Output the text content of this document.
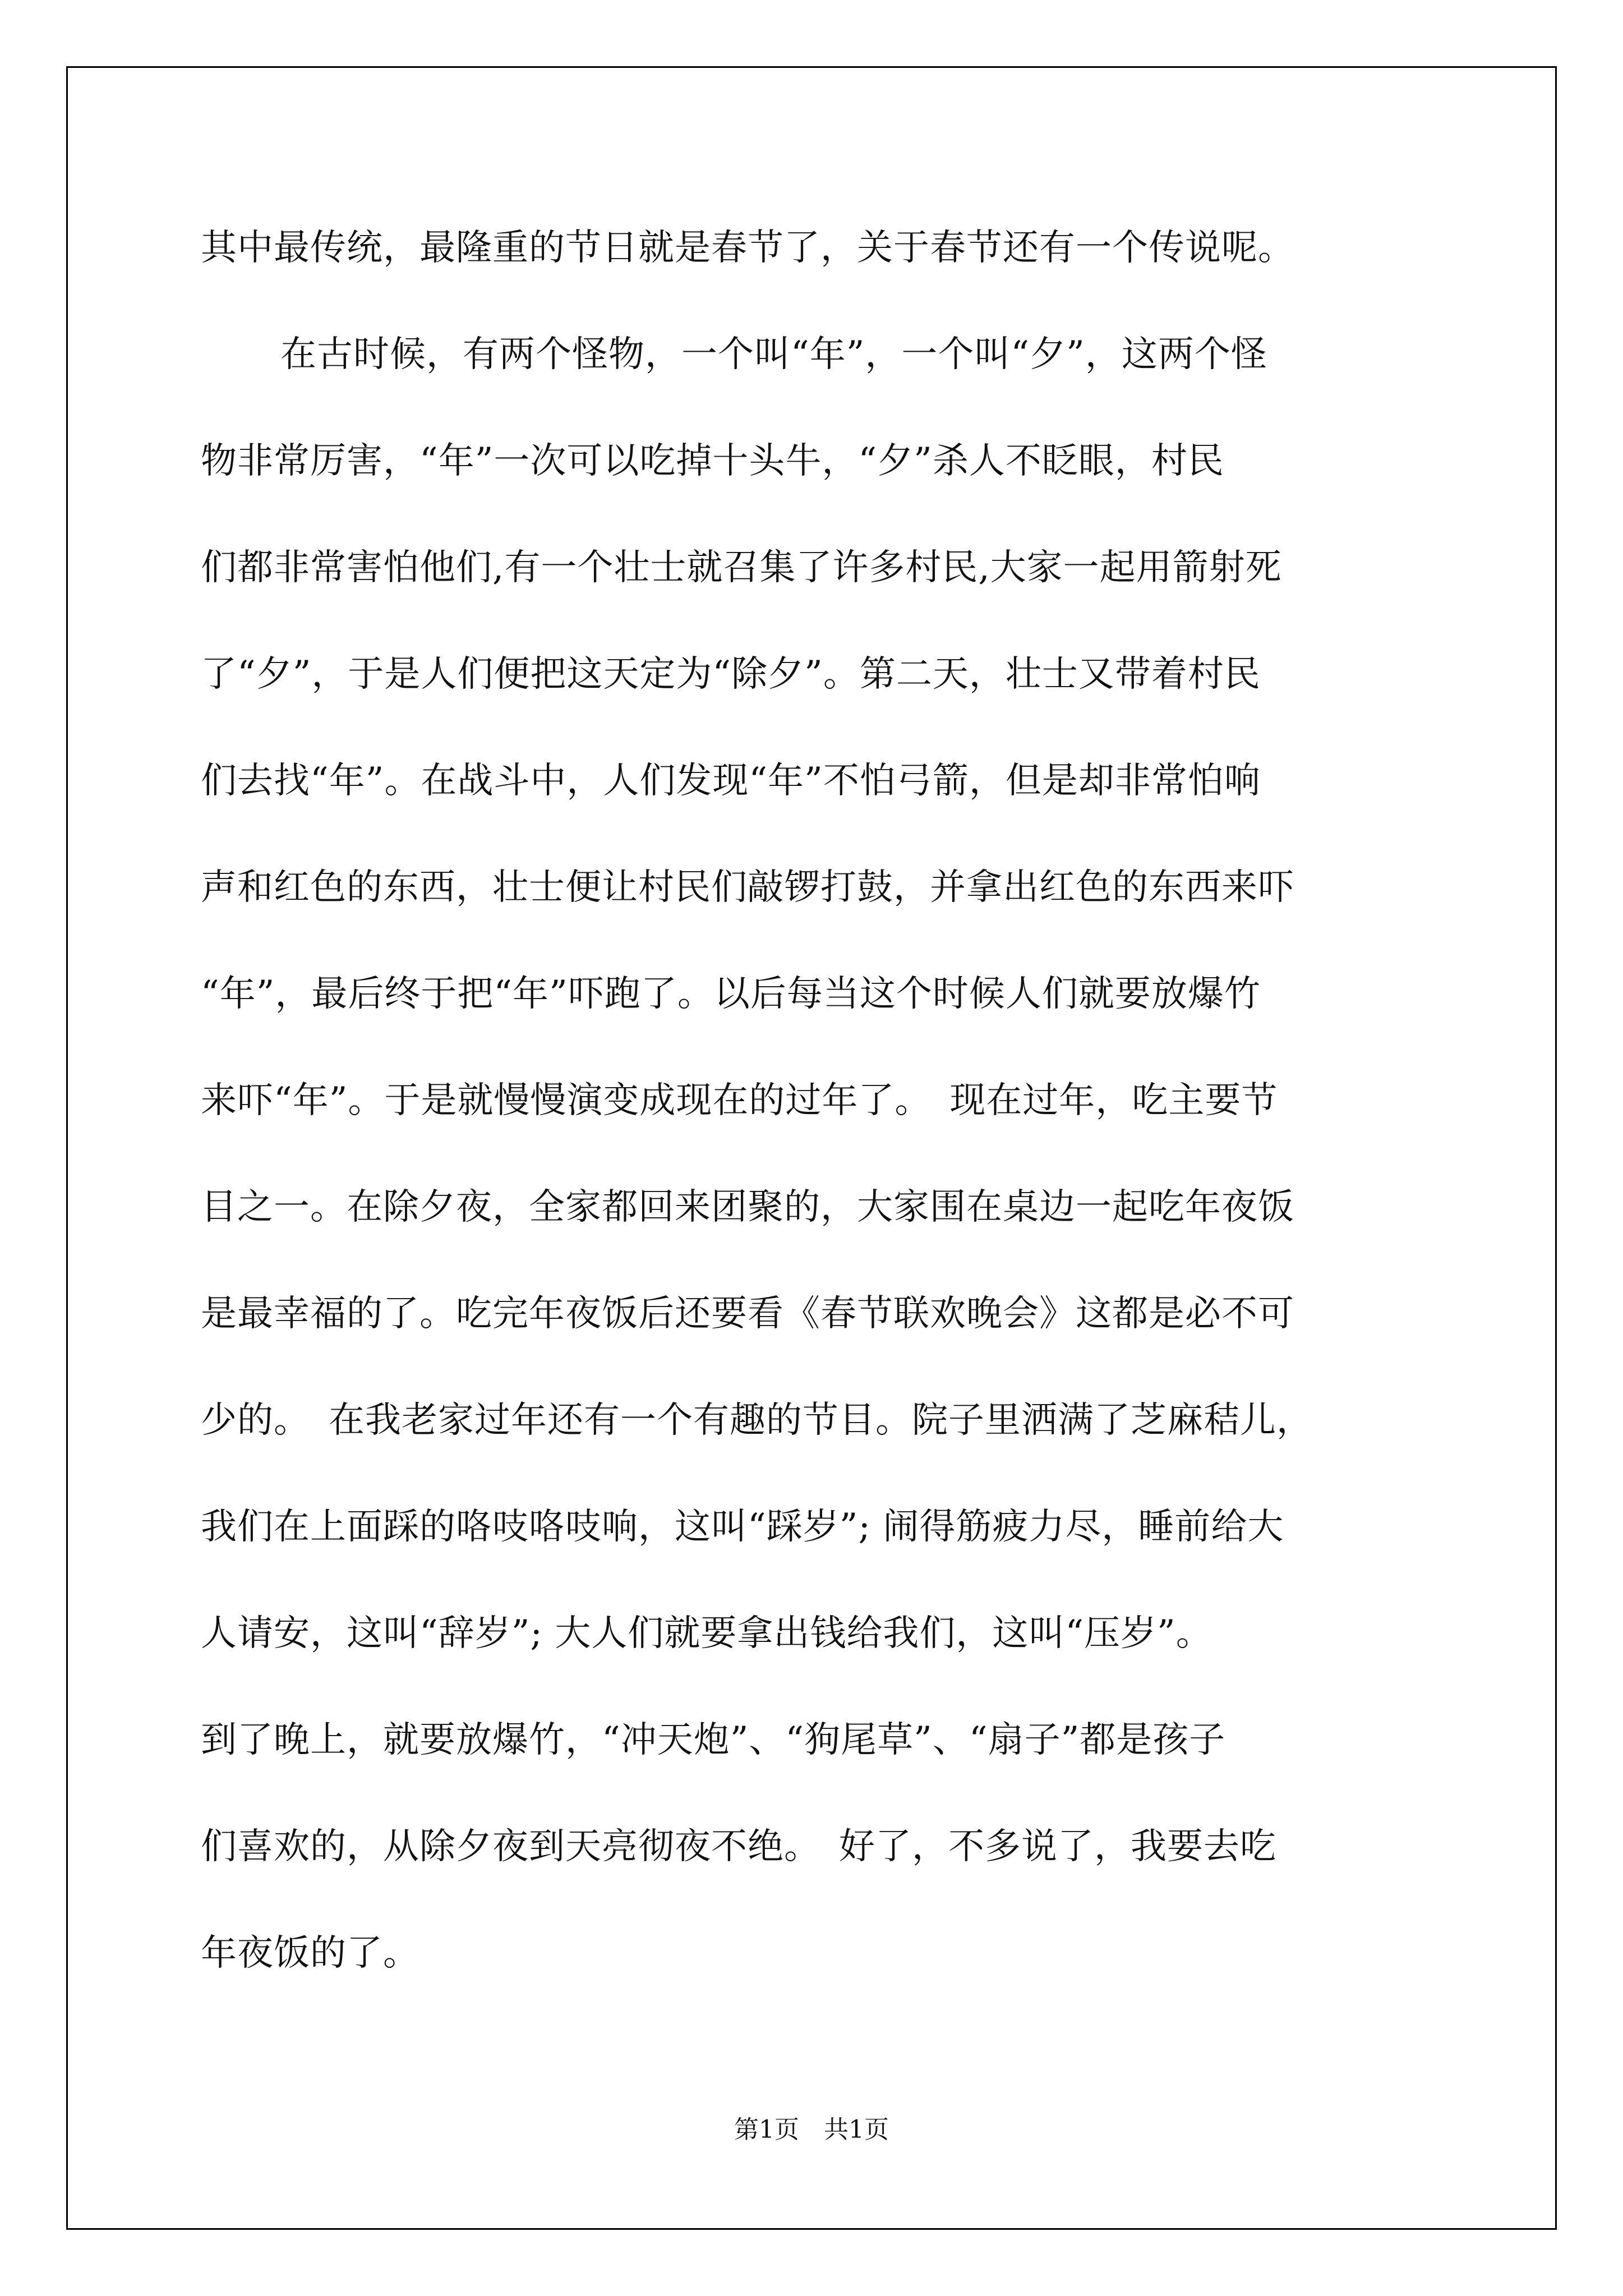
其中最传统，最隆重的节日就是春节了，关于春节还有一个传说呢。
在古时候，有两个怪物，一个叫“年”，一个叫“夕”，这两个怪
物非常厉害，“年”一次可以吃掉十头牛，“夕”杀人不眨眼，村民
们都非常害怕他们,有一个壮士就召集了许多村民,大家一起用箭射死
了“夕”，于是人们便把这天定为“除夕”。第二天，壮士又带着村民
们去找“年”。在战斗中，人们发现“年”不怕弓箭，但是却非常怕响
声和红色的东西，壮士便让村民们敲锣打鼓，并拿出红色的东西来吓
“年”，最后终于把“年”吓跑了。以后每当这个时候人们就要放爆竹
来吓“年”。于是就慢慢演变成现在的过年了。　现在过年，吃主要节
目之一。在除夕夜，全家都回来团聚的，大家围在桌边一起吃年夜饭
是最幸福的了。吃完年夜饭后还要看《春节联欢晚会》这都是必不可
少的。　在我老家过年还有一个有趣的节目。院子里洒满了芝麻秸儿，
我们在上面踩的咯吱咯吱响，这叫“踩岁”; 闹得筋疲力尽，睡前给大
人请安，这叫“辞岁”; 大人们就要拿出钱给我们，这叫“压岁”。
到了晚上，就要放爆竹，“冲天炮”、“狗尾草”、“扇子”都是孩子
们喜欢的，从除夕夜到天亮彻夜不绝。　好了，不多说了，我要去吃
年夜饭的了。
第1页 共1页
